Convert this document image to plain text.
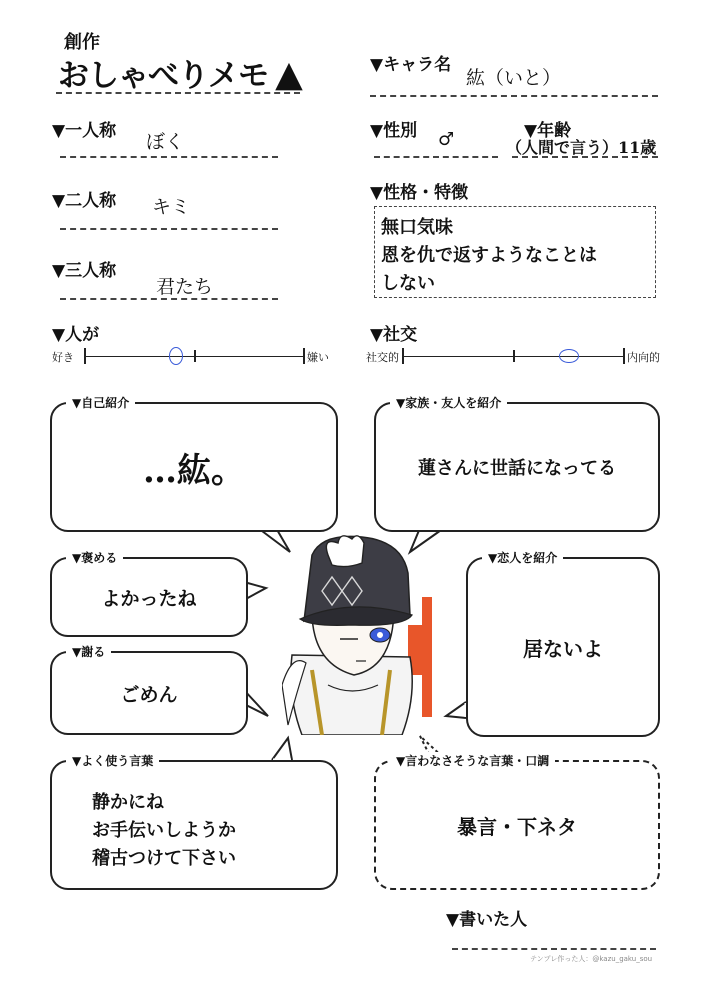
創作
おしゃべりメモ ▲	▼キャラ名
紘（いと）
▼一人称 ぼく	▼性別 ♂	▼年齢
（人間で言う）11歳
▼二人称 キミ
▼性格・特徴
無口気味
恩を仇で返すようなことは
しない
▼三人称
君たち
▼人が
好き	嫌い
▼社交
社交的	内向的
▼自己紹介
…紘。
▼家族・友人を紹介
蓮さんに世話になってる
▼褒める
よかったね
▼恋人を紹介
居ないよ
▼謝る
ごめん
▼よく使う言葉
静かにね
お手伝いしようか
稽古つけて下さい
▼言わなさそうな言葉・口調
暴言・下ネタ
▼書いた人
テンプレ作った人：@kazu_gaku_sou
